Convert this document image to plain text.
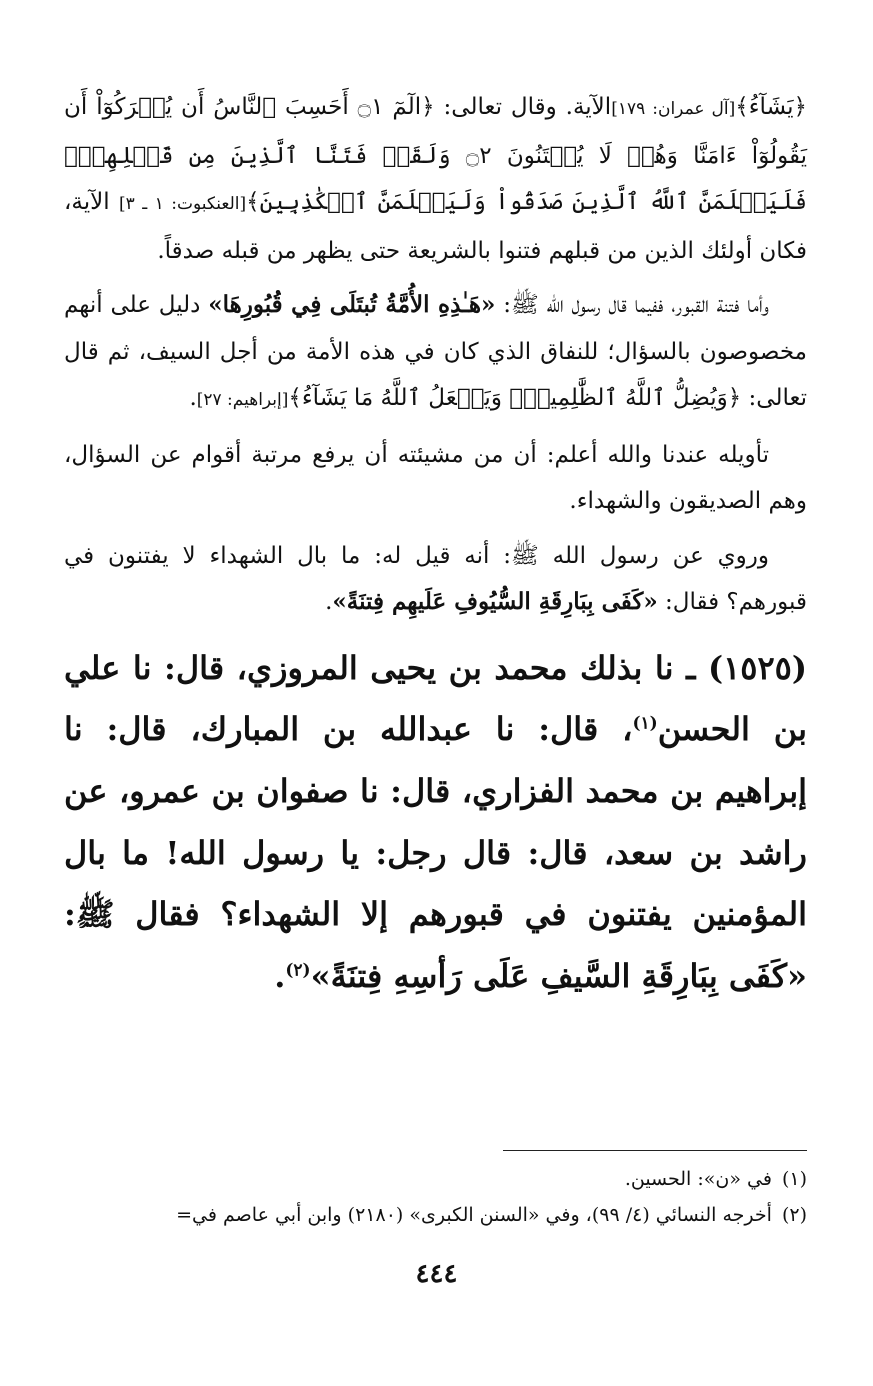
﴿يَشَآءُ﴾[آل عمران: ١٧٩]الآية. وقال تعالى: ﴿الٓمٓ ۝١ أَحَسِبَ ٱلنَّاسُ أَن يُتۡرَكُوٓاْ أَن يَقُولُوٓاْ ءَامَنَّا وَهُمۡ لَا يُفۡتَنُونَ ۝٢ وَلَقَدۡ فَتَنَّا ٱلَّذِينَ مِن قَبۡلِهِمۡۖ فَلَيَعۡلَمَنَّ ٱللَّهُ ٱلَّذِينَ صَدَقُواْ وَلَيَعۡلَمَنَّ ٱلۡكَٰذِبِينَ﴾[العنكبوت: ١ ـ ٣] الآية، فكان أولئك الذين من قبلهم فتنوا بالشريعة حتى يظهر من قبله صدقاً.

وأما فتنة القبور، ففيما قال رسول الله ﷺ: «هَـٰذِهِ الأُمَّةُ تُبتَلَى فِي قُبُورِهَا» دليل على أنهم مخصوصون بالسؤال؛ للنفاق الذي كان في هذه الأمة من أجل السيف، ثم قال تعالى: ﴿وَيُضِلُّ ٱللَّهُ ٱلظَّٰلِمِينَۚ وَيَفۡعَلُ ٱللَّهُ مَا يَشَآءُ﴾[إبراهيم: ٢٧].

تأويله عندنا والله أعلم: أن من مشيئته أن يرفع مرتبة أقوام عن السؤال، وهم الصديقون والشهداء.

وروي عن رسول الله ﷺ: أنه قيل له: ما بال الشهداء لا يفتنون في قبورهم؟ فقال: «كَفَى بِبَارِقَةِ السُّيُوفِ عَلَيهِم فِتنَةً».

(١٥٢٥) ـ نا بذلك محمد بن يحيى المروزي، قال: نا علي بن الحسن$^{(١)}$، قال: نا عبدالله بن المبارك، قال: نا إبراهيم بن محمد الفزاري، قال: نا صفوان بن عمرو، عن راشد بن سعد، قال: قال رجل: يا رسول الله! ما بال المؤمنين يفتنون في قبورهم إلا الشهداء؟ فقال ﷺ: «كَفَى بِبَارِقَةِ السَّيفِ عَلَى رَأسِهِ فِتنَةً»$^{(٢)}$.
(١)في «ن»: الحسين.
(٢)أخرجه النسائي (٤/ ٩٩)، وفي «السنن الكبرى» (٢١٨٠) وابن أبي عاصم في=
٤٤٤
